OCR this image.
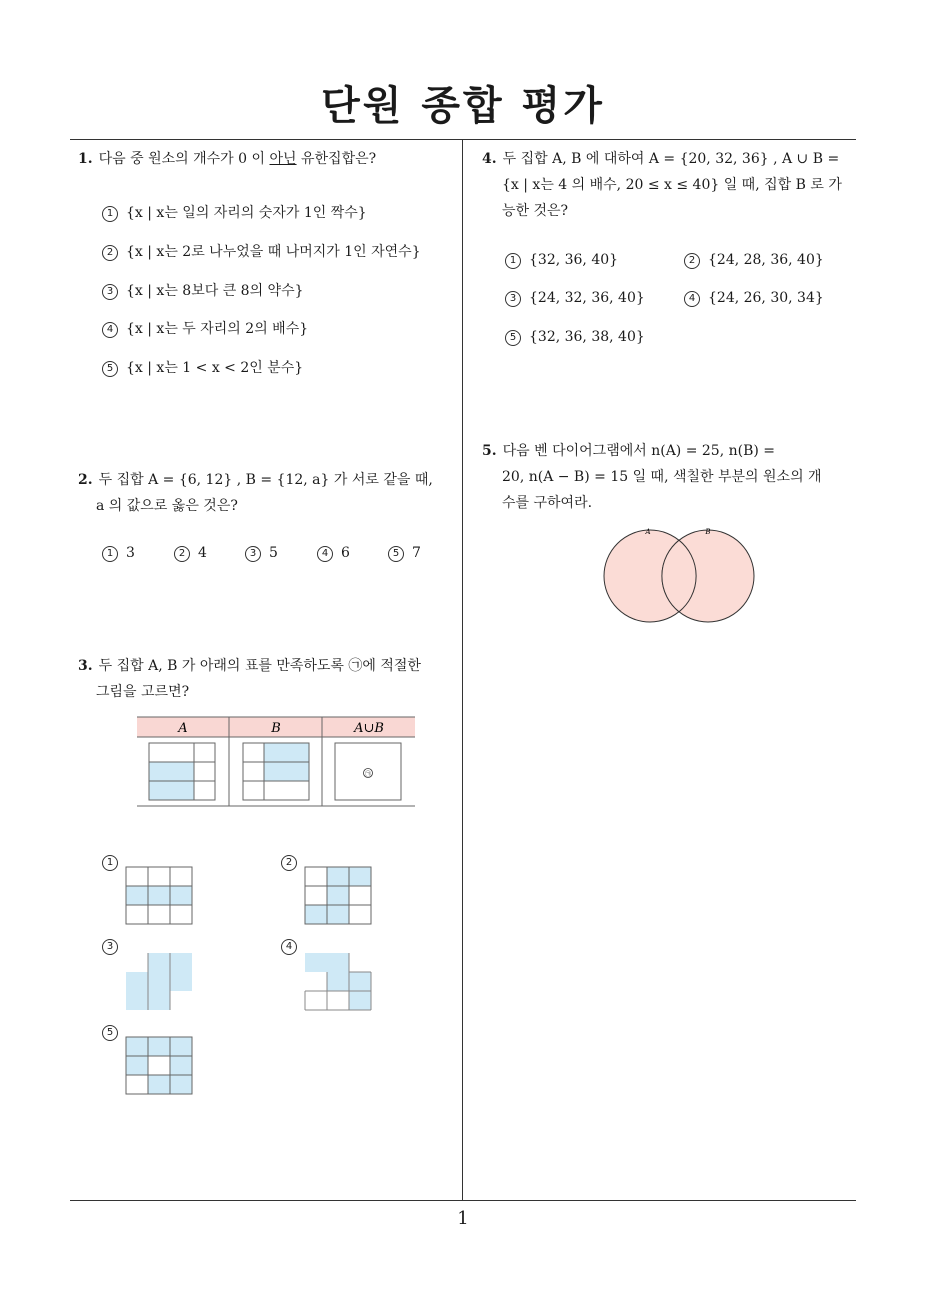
단원 종합 평가
1. 다음 중 원소의 개수가 0 이 아닌 유한집합은?
1 {x | x는 일의 자리의 숫자가 1인 짝수}
2 {x | x는 2로 나누었을 때 나머지가 1인 자연수}
3 {x | x는 8보다 큰 8의 약수}
4 {x | x는 두 자리의 2의 배수}
5 {x | x는 1 < x < 2인 분수}
2. 두 집합 A = {6, 12} , B = {12, a} 가 서로 같을 때,
a 의 값으로 옳은 것은?
1 3	2 4	3 5	4 6	5 7
3. 두 집합 A, B 가 아래의 표를 만족하도록 ㉠에 적절한
그림을 고르면?
A	B	A∪B
㉠
1	2
3	4
5
4. 두 집합 A, B 에 대하여 A = {20, 32, 36} , A ∪ B =
{x | x는 4 의 배수, 20 ≤ x ≤ 40} 일 때, 집합 B 로 가
능한 것은?
1 {32, 36, 40}	2 {24, 28, 36, 40}
3 {24, 32, 36, 40}	4 {24, 26, 30, 34}
5 {32, 36, 38, 40}
5. 다음 벤 다이어그램에서 n(A) = 25, n(B) =
20, n(A − B) = 15 일 때, 색칠한 부분의 원소의 개
수를 구하여라.
A	B
1
